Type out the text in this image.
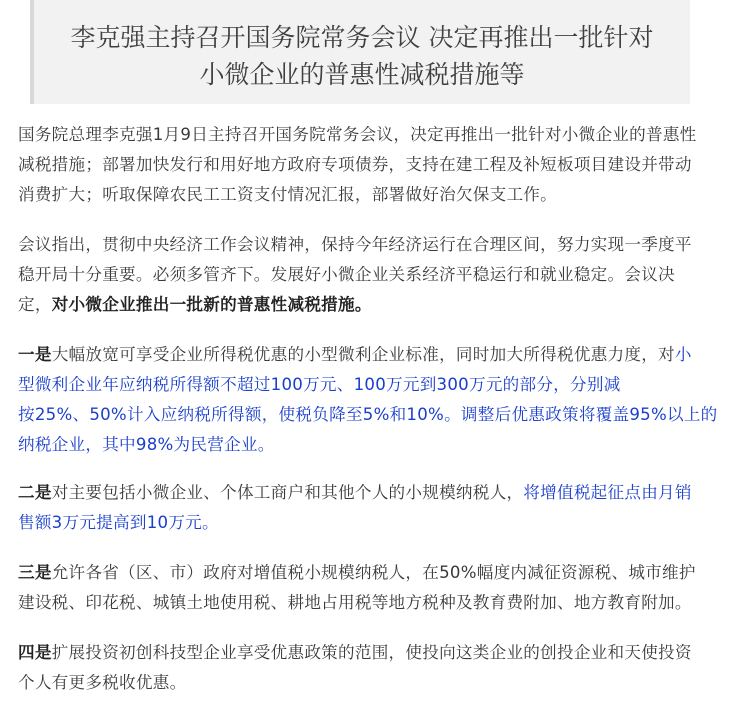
李克强主持召开国务院常务会议 决定再推出一批针对
小微企业的普惠性减税措施等
国务院总理李克强1月9日主持召开国务院常务会议，决定再推出一批针对小微企业的普惠性
减税措施；部署加快发行和用好地方政府专项债券，支持在建工程及补短板项目建设并带动
消费扩大；听取保障农民工工资支付情况汇报，部署做好治欠保支工作。
会议指出，贯彻中央经济工作会议精神，保持今年经济运行在合理区间，努力实现一季度平
稳开局十分重要。必须多管齐下。发展好小微企业关系经济平稳运行和就业稳定。会议决
定，对小微企业推出一批新的普惠性减税措施。
一是大幅放宽可享受企业所得税优惠的小型微利企业标准，同时加大所得税优惠力度，对小
型微利企业年应纳税所得额不超过100万元、100万元到300万元的部分，分别减
按25%、50%计入应纳税所得额，使税负降至5%和10%。调整后优惠政策将覆盖95%以上的
纳税企业，其中98%为民营企业。
二是对主要包括小微企业、个体工商户和其他个人的小规模纳税人，将增值税起征点由月销
售额3万元提高到10万元。
三是允许各省（区、市）政府对增值税小规模纳税人，在50%幅度内减征资源税、城市维护
建设税、印花税、城镇土地使用税、耕地占用税等地方税种及教育费附加、地方教育附加。
四是扩展投资初创科技型企业享受优惠政策的范围，使投向这类企业的创投企业和天使投资
个人有更多税收优惠。
